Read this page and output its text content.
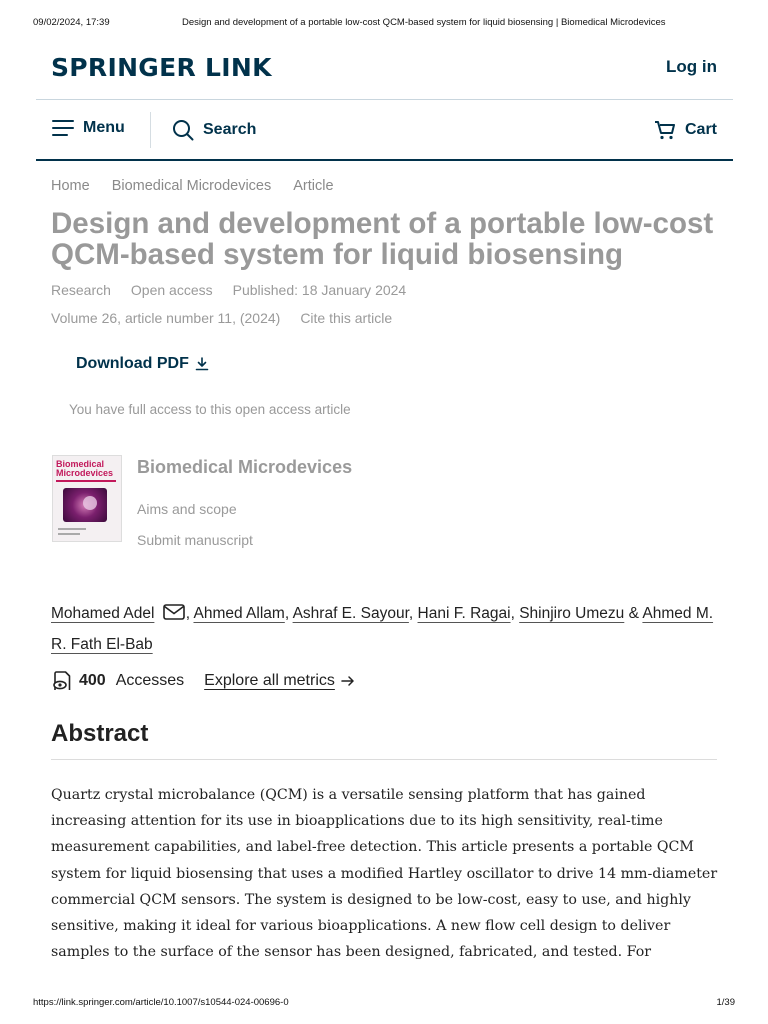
09/02/2024, 17:39	Design and development of a portable low-cost QCM-based system for liquid biosensing | Biomedical Microdevices
SPRINGER LINK	Log in
Menu	Search	Cart
Home Biomedical Microdevices Article
Design and development of a portable low-cost QCM-based system for liquid biosensing
Research Open access Published: 18 January 2024
Volume 26, article number 11, (2024) Cite this article
Download PDF
You have full access to this open access article
Biomedical
Microdevices Biomedical Microdevices
Aims and scope
Submit manuscript
Mohamed Adel , Ahmed Allam, Ashraf E. Sayour, Hani F. Ragai, Shinjiro Umezu & Ahmed M. R. Fath El-Bab
400 Accesses Explore all metrics
Abstract

Quartz crystal microbalance (QCM) is a versatile sensing platform that has gained increasing attention for its use in bioapplications due to its high sensitivity, real-time measurement capabilities, and label-free detection. This article presents a portable QCM system for liquid biosensing that uses a modified Hartley oscillator to drive 14 mm-diameter commercial QCM sensors. The system is designed to be low-cost, easy to use, and highly sensitive, making it ideal for various bioapplications. A new flow cell design to deliver samples to the surface of the sensor has been designed, fabricated, and tested. For

https://link.springer.com/article/10.1007/s10544-024-00696-0	1/39
